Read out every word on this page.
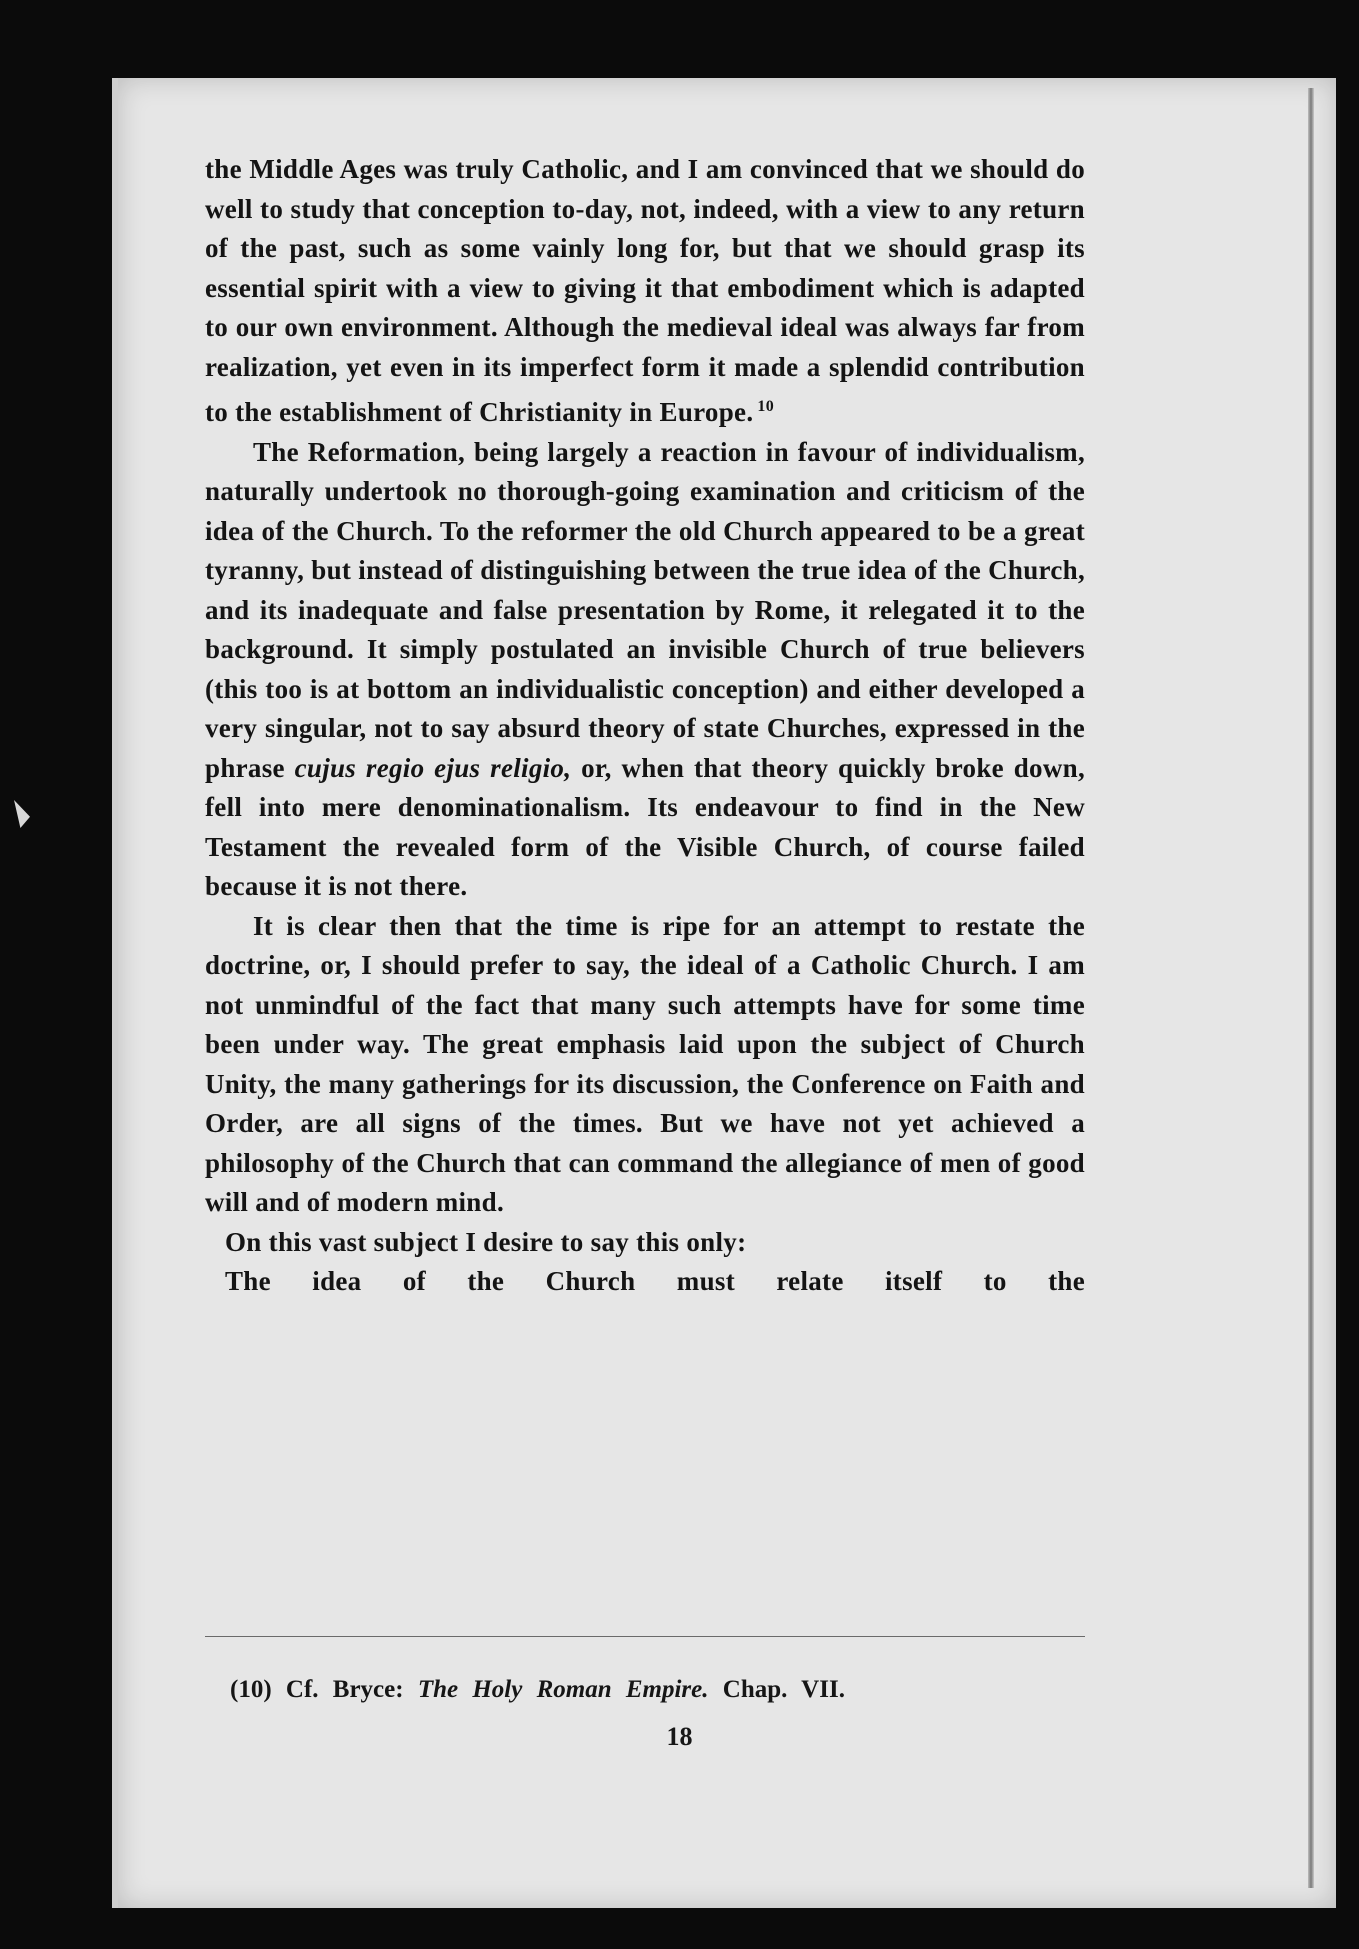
the Middle Ages was truly Catholic, and I am convinced that we should do well to study that conception to-day, not, indeed, with a view to any return of the past, such as some vainly long for, but that we should grasp its essential spirit with a view to giving it that embodiment which is adapted to our own environment. Although the medieval ideal was always far from realization, yet even in its imperfect form it made a splendid contribution to the establishment of Christianity in Europe. $^{10}$

The Reformation, being largely a reaction in favour of individualism, naturally undertook no thorough-going examination and criticism of the idea of the Church. To the reformer the old Church appeared to be a great tyranny, but instead of distinguishing between the true idea of the Church, and its inadequate and false presentation by Rome, it relegated it to the background. It simply postulated an invisible Church of true believers (this too is at bottom an individualistic conception) and either developed a very singular, not to say absurd theory of state Churches, expressed in the phrase cujus regio ejus religio, or, when that theory quickly broke down, fell into mere denominationalism. Its endeavour to find in the New Testament the revealed form of the Visible Church, of course failed because it is not there.

It is clear then that the time is ripe for an attempt to restate the doctrine, or, I should prefer to say, the ideal of a Catholic Church. I am not unmindful of the fact that many such attempts have for some time been under way. The great emphasis laid upon the subject of Church Unity, the many gatherings for its discussion, the Conference on Faith and Order, are all signs of the times. But we have not yet achieved a philosophy of the Church that can command the allegiance of men of good will and of modern mind.

On this vast subject I desire to say this only:

The idea of the Church must relate itself to the

(10) Cf. Bryce: The Holy Roman Empire. Chap. VII.
18
